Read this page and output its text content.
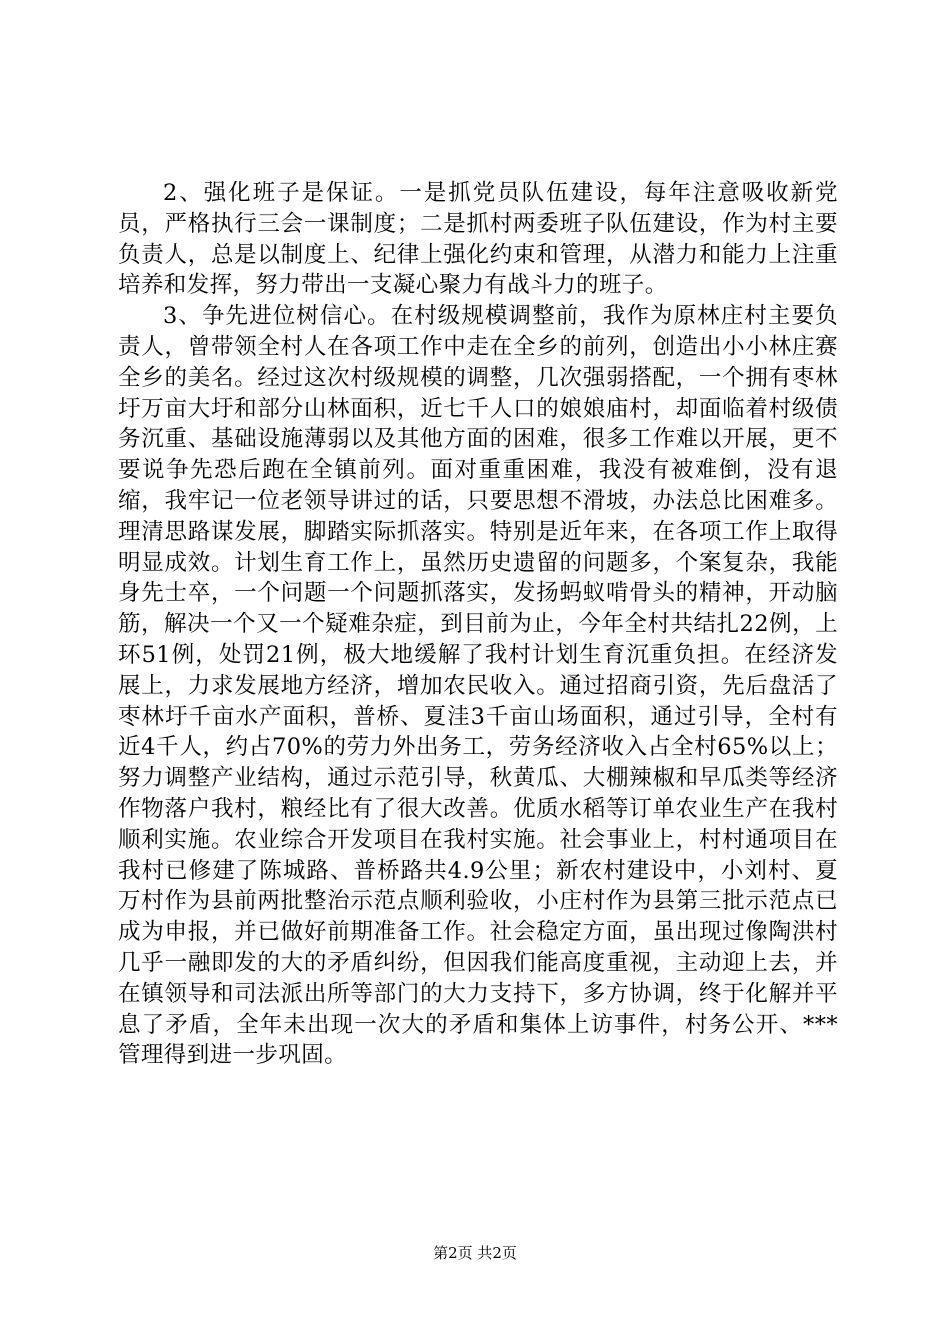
2、强化班子是保证。一是抓党员队伍建设，每年注意吸收新党员，严格执行三会一课制度；二是抓村两委班子队伍建设，作为村主要负责人，总是以制度上、纪律上强化约束和管理，从潜力和能力上注重培养和发挥，努力带出一支凝心聚力有战斗力的班子。

3、争先进位树信心。在村级规模调整前，我作为原林庄村主要负责人，曾带领全村人在各项工作中走在全乡的前列，创造出小小林庄赛全乡的美名。经过这次村级规模的调整，几次强弱搭配，一个拥有枣林圩万亩大圩和部分山林面积，近七千人口的娘娘庙村，却面临着村级债务沉重、基础设施薄弱以及其他方面的困难，很多工作难以开展，更不要说争先恐后跑在全镇前列。面对重重困难，我没有被难倒，没有退缩，我牢记一位老领导讲过的话，只要思想不滑坡，办法总比困难多。理清思路谋发展，脚踏实际抓落实。特别是近年来，在各项工作上取得明显成效。计划生育工作上，虽然历史遗留的问题多，个案复杂，我能身先士卒，一个问题一个问题抓落实，发扬蚂蚁啃骨头的精神，开动脑筋，解决一个又一个疑难杂症，到目前为止，今年全村共结扎22例，上环51例，处罚21例，极大地缓解了我村计划生育沉重负担。在经济发展上，力求发展地方经济，增加农民收入。通过招商引资，先后盘活了枣林圩千亩水产面积，普桥、夏洼3千亩山场面积，通过引导，全村有近4千人，约占70%的劳力外出务工，劳务经济收入占全村65%以上；努力调整产业结构，通过示范引导，秋黄瓜、大棚辣椒和早瓜类等经济作物落户我村，粮经比有了很大改善。优质水稻等订单农业生产在我村顺利实施。农业综合开发项目在我村实施。社会事业上，村村通项目在我村已修建了陈城路、普桥路共4.9公里；新农村建设中，小刘村、夏万村作为县前两批整治示范点顺利验收，小庄村作为县第三批示范点已成为申报，并已做好前期准备工作。社会稳定方面，虽出现过像陶洪村几乎一融即发的大的矛盾纠纷，但因我们能高度重视，主动迎上去，并在镇领导和司法派出所等部门的大力支持下，多方协调，终于化解并平息了矛盾，全年未出现一次大的矛盾和集体上访事件，村务公开、***管理得到进一步巩固。

第2页 共2页
